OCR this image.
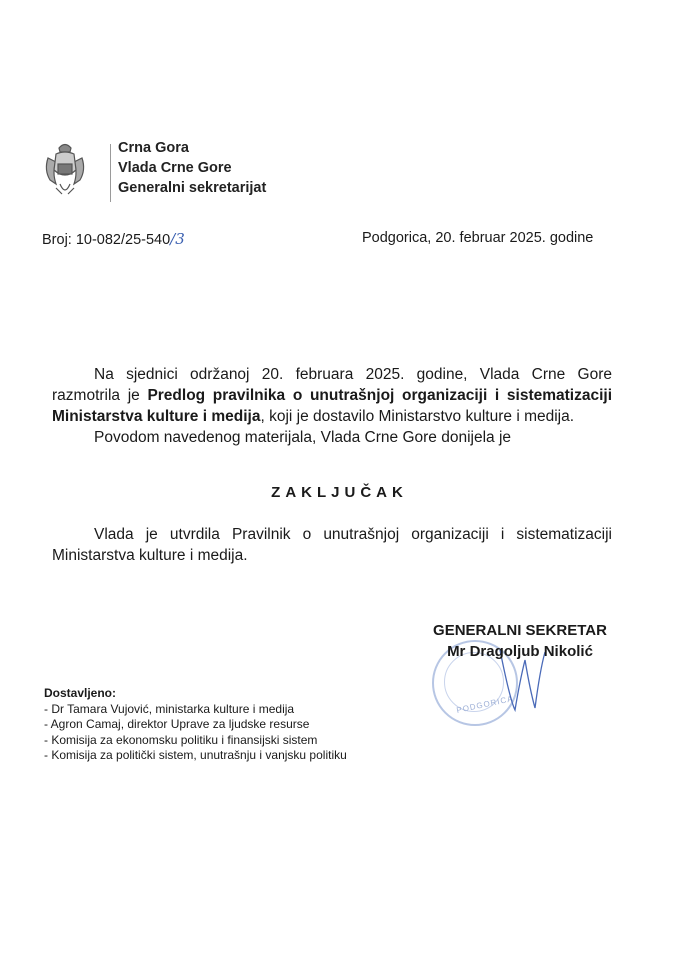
Crna Gora
Vlada Crne Gore
Generalni sekretarijat
Broj: 10-082/25-540/3	Podgorica, 20. februar 2025. godine
Na sjednici održanoj 20. februara 2025. godine, Vlada Crne Gore razmotrila je Predlog pravilnika o unutrašnjoj organizaciji i sistematizaciji Ministarstva kulture i medija, koji je dostavilo Ministarstvo kulture i medija.
Povodom navedenog materijala, Vlada Crne Gore donijela je
ZAKLJUČAK
Vlada je utvrdila Pravilnik o unutrašnjoj organizaciji i sistematizaciji Ministarstva kulture i medija.
PODGORICA
GENERALNI SEKRETAR
Mr Dragoljub Nikolić
Dostavljeno:
- Dr Tamara Vujović, ministarka kulture i medija
- Agron Camaj, direktor Uprave za ljudske resurse
- Komisija za ekonomsku politiku i finansijski sistem
- Komisija za politički sistem, unutrašnju i vanjsku politiku
